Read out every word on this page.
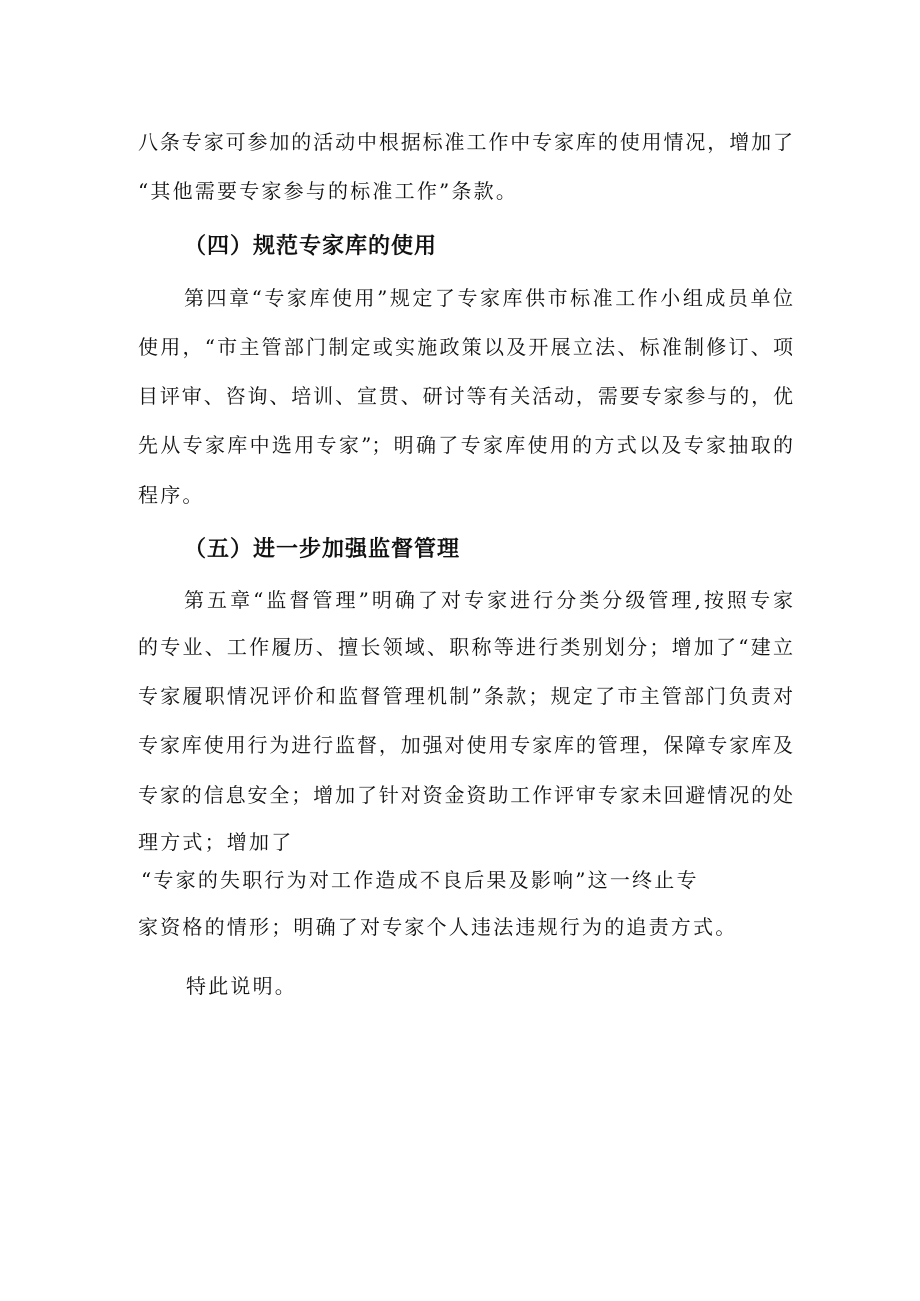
八条专家可参加的活动中根据标准工作中专家库的使用情况，增加了
“其他需要专家参与的标准工作”条款。
（四）规范专家库的使用
第四章“专家库使用”规定了专家库供市标准工作小组成员单位
使用，“市主管部门制定或实施政策以及开展立法、标准制修订、项
目评审、咨询、培训、宣贯、研讨等有关活动，需要专家参与的，优
先从专家库中选用专家”；明确了专家库使用的方式以及专家抽取的
程序。
（五）进一步加强监督管理
第五章“监督管理”明确了对专家进行分类分级管理,按照专家
的专业、工作履历、擅长领域、职称等进行类别划分；增加了“建立
专家履职情况评价和监督管理机制”条款；规定了市主管部门负责对
专家库使用行为进行监督，加强对使用专家库的管理，保障专家库及
专家的信息安全；增加了针对资金资助工作评审专家未回避情况的处
理方式；增加了
“专家的失职行为对工作造成不良后果及影响”这一终止专
家资格的情形；明确了对专家个人违法违规行为的追责方式。
特此说明。
